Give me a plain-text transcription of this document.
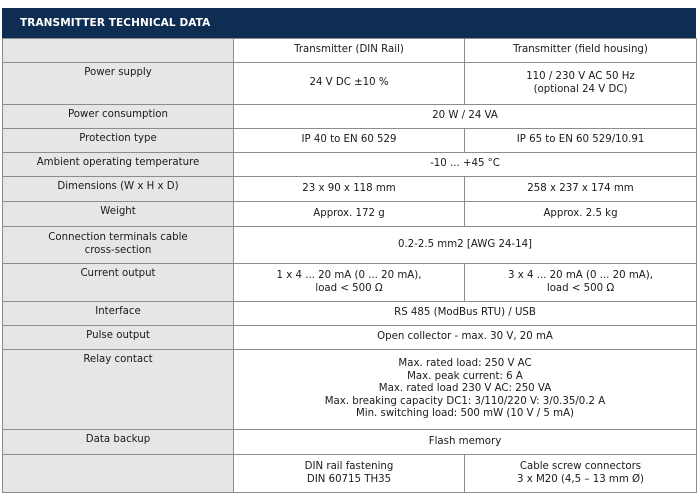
TRANSMITTER TECHNICAL DATA
	Transmitter (DIN Rail)	Transmitter (field housing)

Power supply	24 V DC ±10 %	110 / 230 V AC 50 Hz
(optional 24 V DC)

Power consumption	20 W / 24 VA	

Protection type	IP 40 to EN 60 529	IP 65 to EN 60 529/10.91

Ambient operating temperature	-10 ... +45 °C	

Dimensions (W x H x D)	23 x 90 x 118 mm	258 x 237 x 174 mm

Weight	Approx. 172 g	Approx. 2.5 kg

Connection terminals cable
cross-section	0.2-2.5 mm2 [AWG 24-14]	

Current output	1 x 4 ... 20 mA (0 ... 20 mA),
load < 500 Ω	3 x 4 ... 20 mA (0 ... 20 mA),
load < 500 Ω

Interface	RS 485 (ModBus RTU) / USB	

Pulse output	Open collector - max. 30 V, 20 mA	

Relay contact	Max. rated load: 250 V AC
Max. peak current: 6 A
Max. rated load 230 V AC: 250 VA
Max. breaking capacity DC1: 3/110/220 V: 3/0.35/0.2 A
Min. switching load: 500 mW (10 V / 5 mA)	

Data backup	Flash memory	

	DIN rail fastening
DIN 60715 TH35	Cable screw connectors
3 x M20 (4,5 – 13 mm Ø)
